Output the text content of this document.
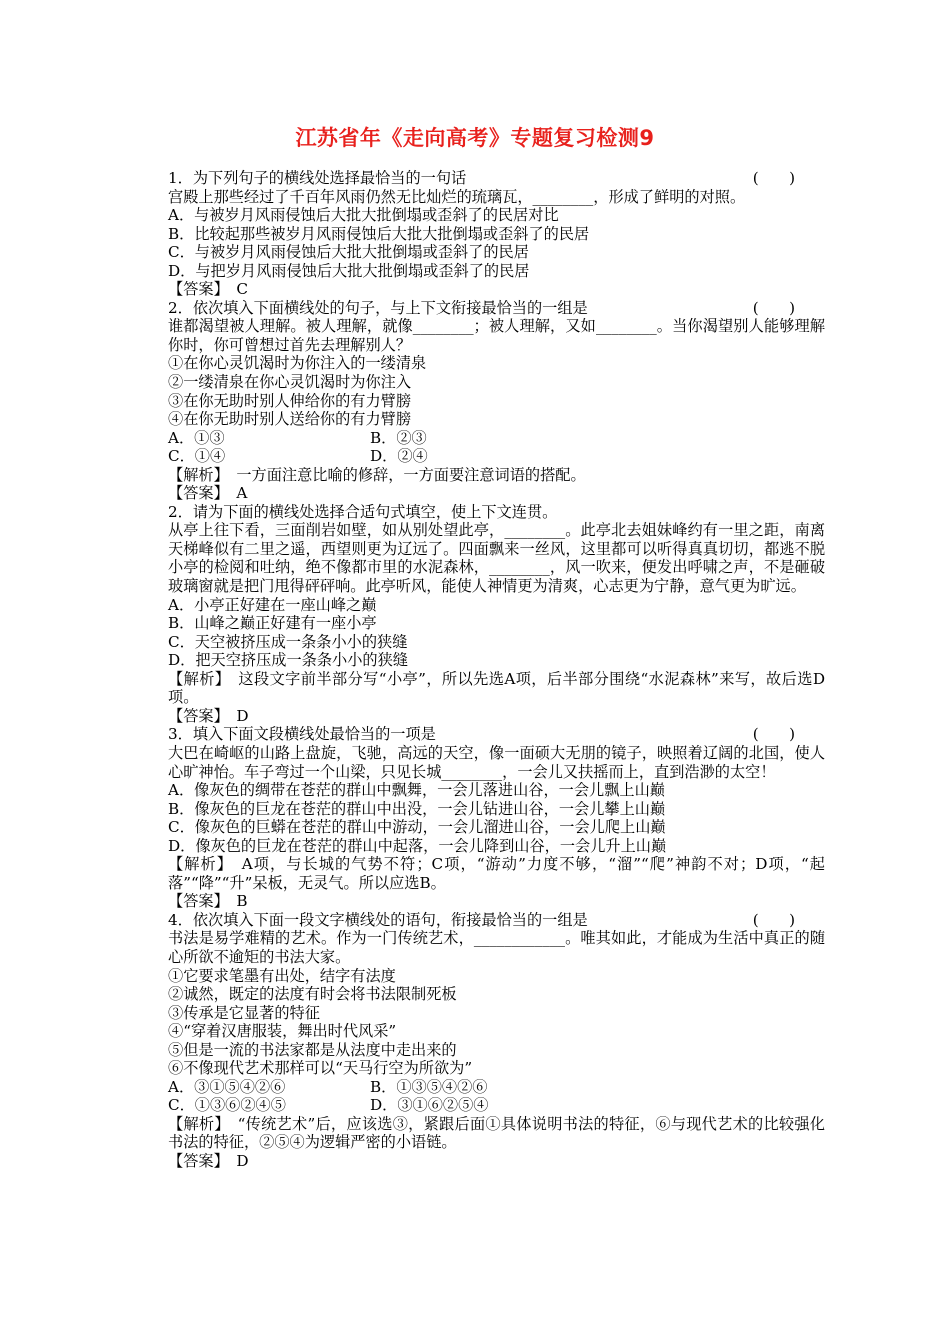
江苏省年《走向高考》专题复习检测9
1．为下列句子的横线处选择最恰当的一句话	(　　)
宫殿上那些经过了千百年风雨仍然无比灿烂的琉璃瓦，________，形成了鲜明的对照。
A．与被岁月风雨侵蚀后大批大批倒塌或歪斜了的民居对比
B．比较起那些被岁月风雨侵蚀后大批大批倒塌或歪斜了的民居
C．与被岁月风雨侵蚀后大批大批倒塌或歪斜了的民居
D．与把岁月风雨侵蚀后大批大批倒塌或歪斜了的民居
【答案】　C
2．依次填入下面横线处的句子，与上下文衔接最恰当的一组是	(　　)
谁都渴望被人理解。被人理解，就像________；被人理解，又如________。当你渴望别人能够理解你时，你可曾想过首先去理解别人？
①在你心灵饥渴时为你注入的一缕清泉
②一缕清泉在你心灵饥渴时为你注入
③在你无助时别人伸给你的有力臂膀
④在你无助时别人送给你的有力臂膀
A．①③	B．②③
C．①④	D．②④
【解析】　一方面注意比喻的修辞，一方面要注意词语的搭配。
【答案】　A
2．请为下面的横线处选择合适句式填空，使上下文连贯。
从亭上往下看，三面削岩如壁，如从别处望此亭，________。此亭北去姐妹峰约有一里之距，南离天梯峰似有二里之遥，西望则更为辽远了。四面飘来一丝风，这里都可以听得真真切切，都逃不脱小亭的检阅和吐纳，绝不像都市里的水泥森林，________，风一吹来，便发出呼啸之声，不是砸破玻璃窗就是把门甩得砰砰响。此亭听风，能使人神情更为清爽，心志更为宁静，意气更为旷远。
A．小亭正好建在一座山峰之巅
B．山峰之巅正好建有一座小亭
C．天空被挤压成一条条小小的狭缝
D．把天空挤压成一条条小小的狭缝
【解析】　这段文字前半部分写“小亭”，所以先选A项，后半部分围绕“水泥森林”来写，故后选D项。
【答案】　D
3．填入下面文段横线处最恰当的一项是	(　　)
大巴在崎岖的山路上盘旋，飞驰，高远的天空，像一面硕大无朋的镜子，映照着辽阔的北国，使人心旷神怡。车子弯过一个山梁，只见长城________，一会儿又扶摇而上，直到浩渺的太空！
A．像灰色的绸带在苍茫的群山中飘舞，一会儿落进山谷，一会儿飘上山巅
B．像灰色的巨龙在苍茫的群山中出没，一会儿钻进山谷，一会儿攀上山巅
C．像灰色的巨蟒在苍茫的群山中游动，一会儿溜进山谷，一会儿爬上山巅
D．像灰色的巨龙在苍茫的群山中起落，一会儿降到山谷，一会儿升上山巅
【解析】　A项，与长城的气势不符；C项，“游动”力度不够，“溜”“爬”神韵不对；D项，“起落”“降”“升”呆板，无灵气。所以应选B。
【答案】　B
4．依次填入下面一段文字横线处的语句，衔接最恰当的一组是	(　　)
书法是易学难精的艺术。作为一门传统艺术，____________。唯其如此，才能成为生活中真正的随心所欲不逾矩的书法大家。
①它要求笔墨有出处，结字有法度
②诚然，既定的法度有时会将书法限制死板
③传承是它显著的特征
④“穿着汉唐服装，舞出时代风采”
⑤但是一流的书法家都是从法度中走出来的
⑥不像现代艺术那样可以“天马行空为所欲为”
A．③①⑤④②⑥	B．①③⑤④②⑥
C．①③⑥②④⑤	D．③①⑥②⑤④
【解析】　“传统艺术”后，应该选③，紧跟后面①具体说明书法的特征，⑥与现代艺术的比较强化书法的特征，②⑤④为逻辑严密的小语链。
【答案】　D
